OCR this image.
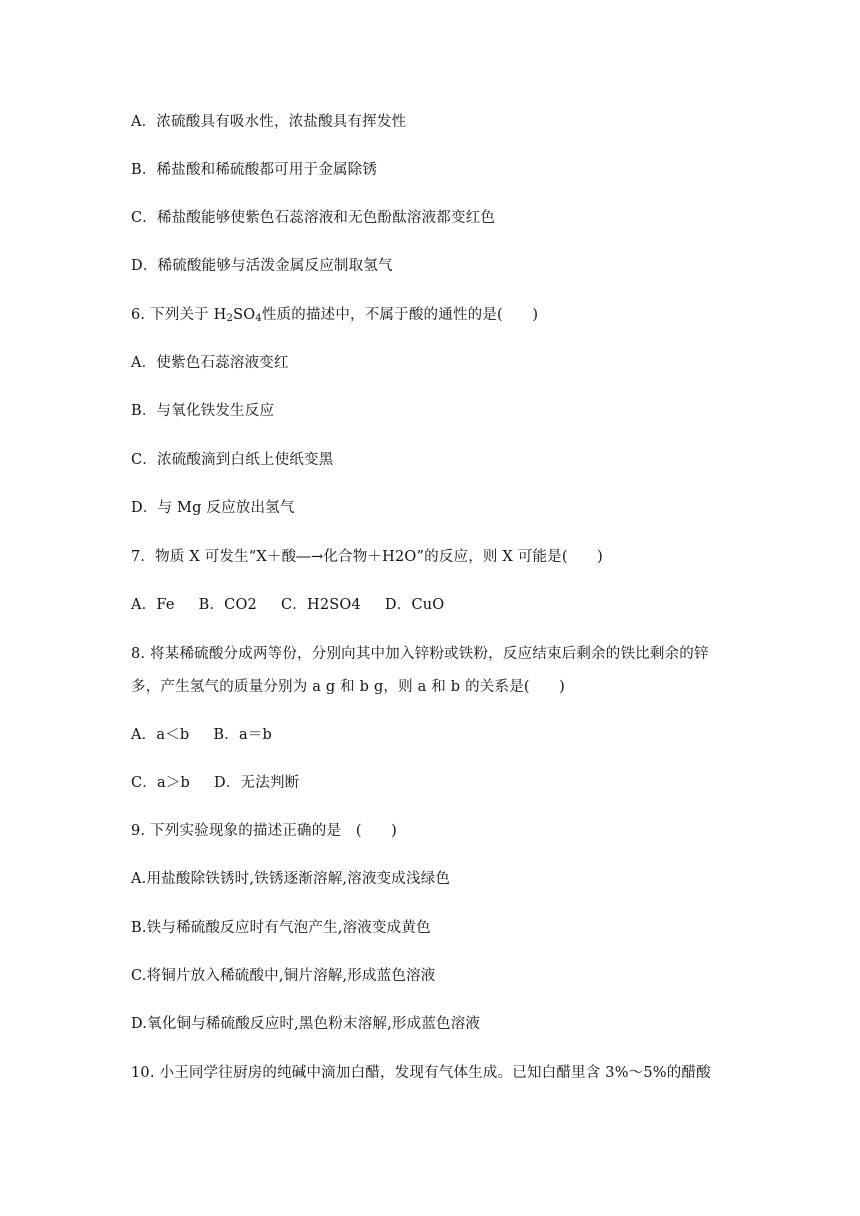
A．浓硫酸具有吸水性，浓盐酸具有挥发性
B．稀盐酸和稀硫酸都可用于金属除锈
C．稀盐酸能够使紫色石蕊溶液和无色酚酞溶液都变红色
D．稀硫酸能够与活泼金属反应制取氢气
6. 下列关于 $H_2SO_4$性质的描述中，不属于酸的通性的是(　　)
A．使紫色石蕊溶液变红
B．与氧化铁发生反应
C．浓硫酸滴到白纸上使纸变黑
D．与 Mg 反应放出氢气
7．物质 X 可发生“X＋酸―→化合物＋H2O”的反应，则 X 可能是(　　)
A．Fe B．CO2 C．H2SO4 D．CuO
8. 将某稀硫酸分成两等份，分别向其中加入锌粉或铁粉，反应结束后剩余的铁比剩余的锌
多，产生氢气的质量分别为 a g 和 b g，则 a 和 b 的关系是(　　)
A．a＜b B．a＝b
C．a＞b D．无法判断
9. 下列实验现象的描述正确的是　(　　)
A.用盐酸除铁锈时,铁锈逐渐溶解,溶液变成浅绿色
B.铁与稀硫酸反应时有气泡产生,溶液变成黄色
C.将铜片放入稀硫酸中,铜片溶解,形成蓝色溶液
D.氧化铜与稀硫酸反应时,黑色粉末溶解,形成蓝色溶液
10. 小王同学往厨房的纯碱中滴加白醋，发现有气体生成。已知白醋里含 3%～5%的醋酸
